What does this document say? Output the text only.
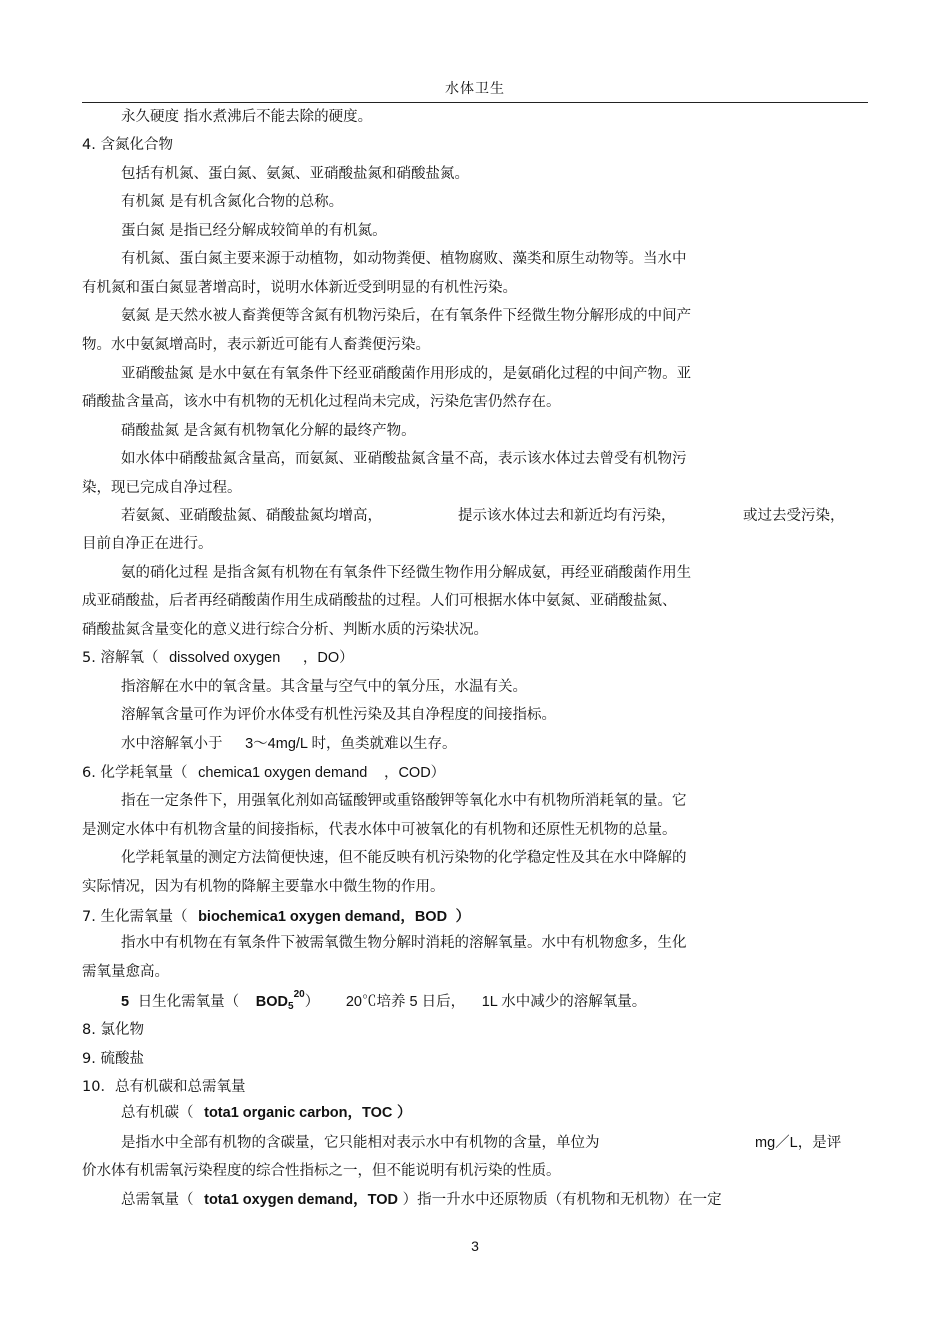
水体卫生
永久硬度 指水煮沸后不能去除的硬度。
4. 含氮化合物
包括有机氮、蛋白氮、氨氮、亚硝酸盐氮和硝酸盐氮。
有机氮 是有机含氮化合物的总称。
蛋白氮 是指已经分解成较简单的有机氮。
有机氮、蛋白氮主要来源于动植物，如动物粪便、植物腐败、藻类和原生动物等。当水中
有机氮和蛋白氮显著增高时，说明水体新近受到明显的有机性污染。
氨氮 是天然水被人畜粪便等含氮有机物污染后，在有氧条件下经微生物分解形成的中间产
物。水中氨氮增高时，表示新近可能有人畜粪便污染。
亚硝酸盐氮 是水中氨在有氧条件下经亚硝酸菌作用形成的，是氨硝化过程的中间产物。亚
硝酸盐含量高，该水中有机物的无机化过程尚未完成，污染危害仍然存在。
硝酸盐氮 是含氮有机物氧化分解的最终产物。
如水体中硝酸盐氮含量高，而氨氮、亚硝酸盐氮含量不高，表示该水体过去曾受有机物污
染，现已完成自净过程。
若氨氮、亚硝酸盐氮、硝酸盐氮均增高，	提示该水体过去和新近均有污染，	或过去受污染，
目前自净正在进行。
氨的硝化过程 是指含氮有机物在有氧条件下经微生物作用分解成氨，再经亚硝酸菌作用生
成亚硝酸盐，后者再经硝酸菌作用生成硝酸盐的过程。人们可根据水体中氨氮、亚硝酸盐氮、
硝酸盐氮含量变化的意义进行综合分析、判断水质的污染状况。
5. 溶解氧（ dissolved oxygen ，DO）
指溶解在水中的氧含量。其含量与空气中的氧分压，水温有关。
溶解氧含量可作为评价水体受有机性污染及其自净程度的间接指标。
水中溶解氧小于 3～4mg/L 时，鱼类就难以生存。
6. 化学耗氧量（ chemica1 oxygen demand ，COD）
指在一定条件下，用强氧化剂如高锰酸钾或重铬酸钾等氧化水中有机物所消耗氧的量。它
是测定水体中有机物含量的间接指标，代表水体中可被氧化的有机物和还原性无机物的总量。
化学耗氧量的测定方法简便快速，但不能反映有机污染物的化学稳定性及其在水中降解的
实际情况，因为有机物的降解主要靠水中微生物的作用。
7. 生化需氧量（ biochemica1 oxygen demand，BOD ）
指水中有机物在有氧条件下被需氧微生物分解时消耗的溶解氧量。水中有机物愈多，生化
需氧量愈高。
5 日生化需氧量（ $BOD_5^{20}$） 20℃培养 5 日后， 1L 水中减少的溶解氧量。
8. 氯化物
9. 硫酸盐
10．总有机碳和总需氧量
总有机碳（ tota1 organic carbon，TOC ）
是指水中全部有机物的含碳量，它只能相对表示水中有机物的含量，单位为	mg／L，是评
价水体有机需氧污染程度的综合性指标之一，但不能说明有机污染的性质。
总需氧量（ tota1 oxygen demand，TOD ）指一升水中还原物质（有机物和无机物）在一定
3
